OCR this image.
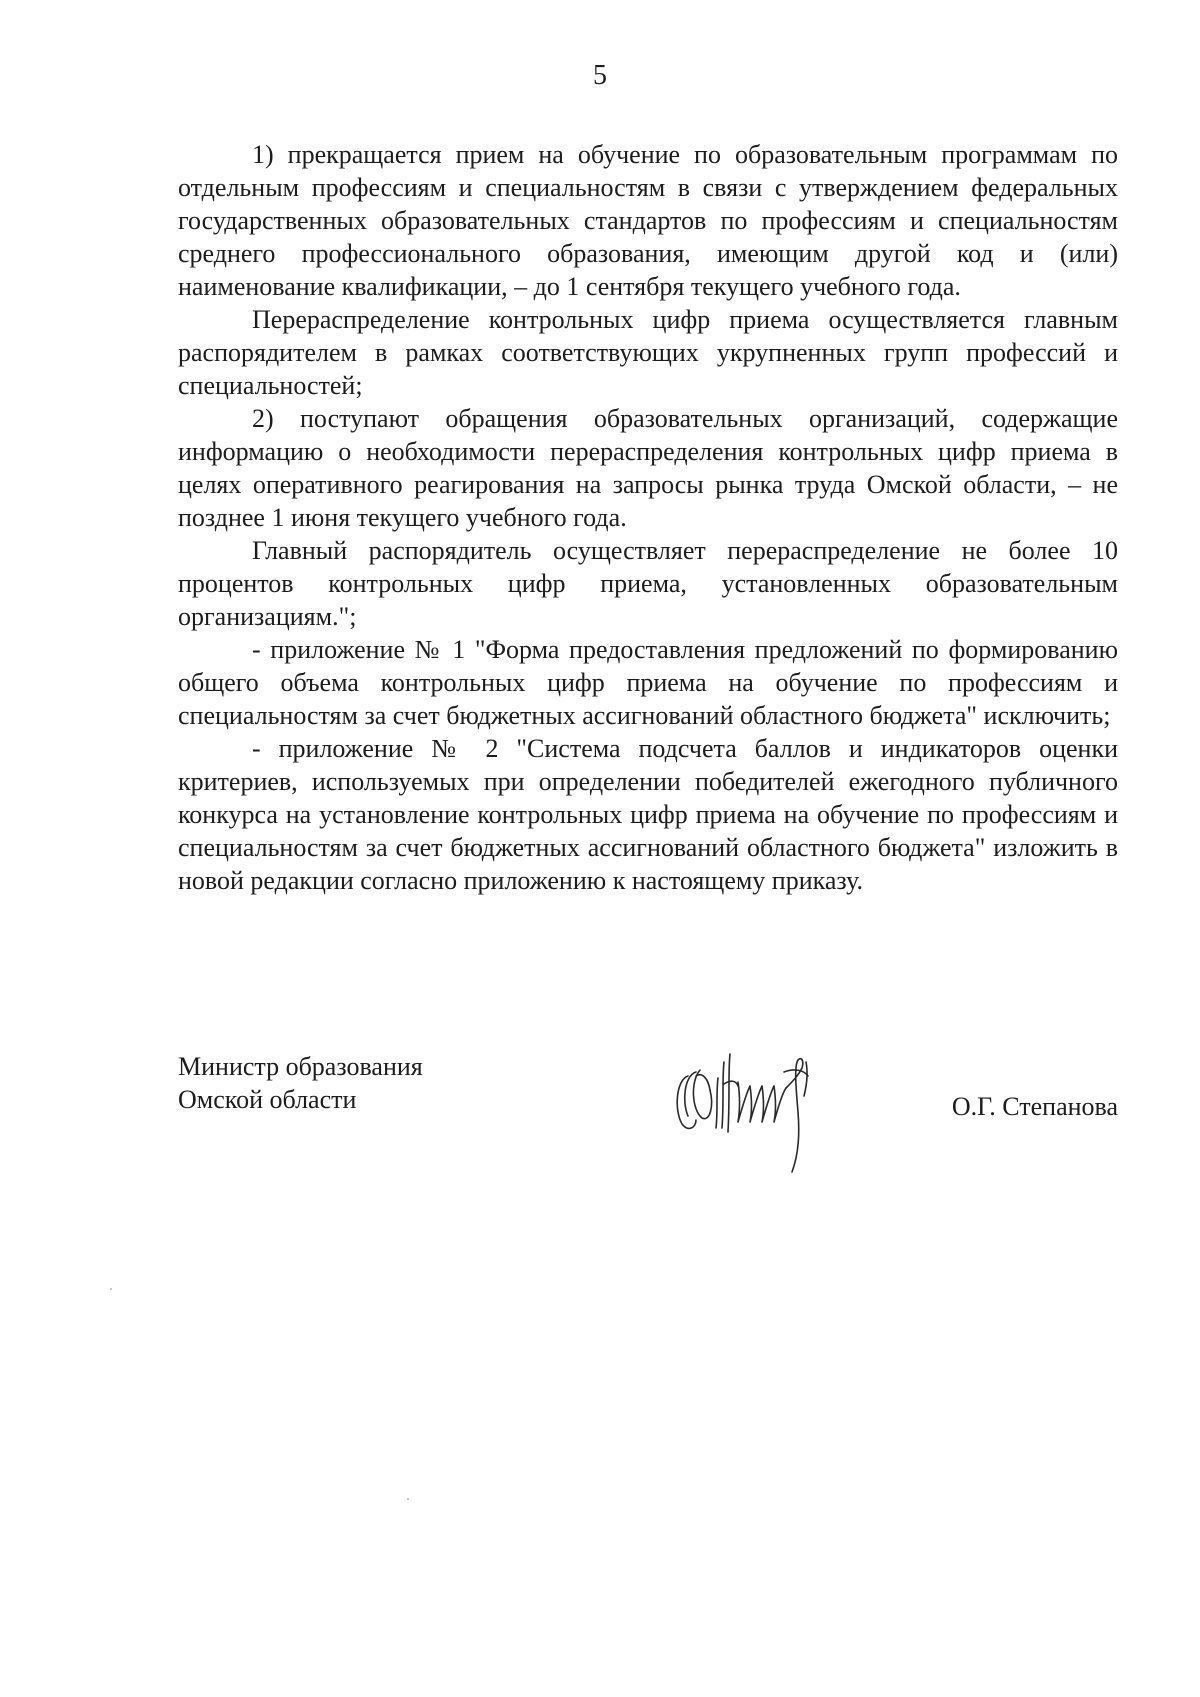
5

1) прекращается прием на обучение по образовательным программам по отдельным профессиям и специальностям в связи с утверждением федеральных государственных образовательных стандартов по профессиям и специальностям среднего профессионального образования, имеющим другой код и (или) наименование квалификации, – до 1 сентября текущего учебного года.

Перераспределение контрольных цифр приема осуществляется главным распорядителем в рамках соответствующих укрупненных групп профессий и специальностей;

2) поступают обращения образовательных организаций, содержащие информацию о необходимости перераспределения контрольных цифр приема в целях оперативного реагирования на запросы рынка труда Омской области, – не позднее 1 июня текущего учебного года.

Главный распорядитель осуществляет перераспределение не более 10 процентов контрольных цифр приема, установленных образовательным организациям.";

- приложение № 1 "Форма предоставления предложений по формированию общего объема контрольных цифр приема на обучение по профессиям и специальностям за счет бюджетных ассигнований областного бюджета" исключить;

- приложение № 2 "Система подсчета баллов и индикаторов оценки критериев, используемых при определении победителей ежегодного публичного конкурса на установление контрольных цифр приема на обучение по профессиям и специальностям за счет бюджетных ассигнований областного бюджета" изложить в новой редакции согласно приложению к настоящему приказу.

Министр образования
Омской области	О.Г. Степанова
